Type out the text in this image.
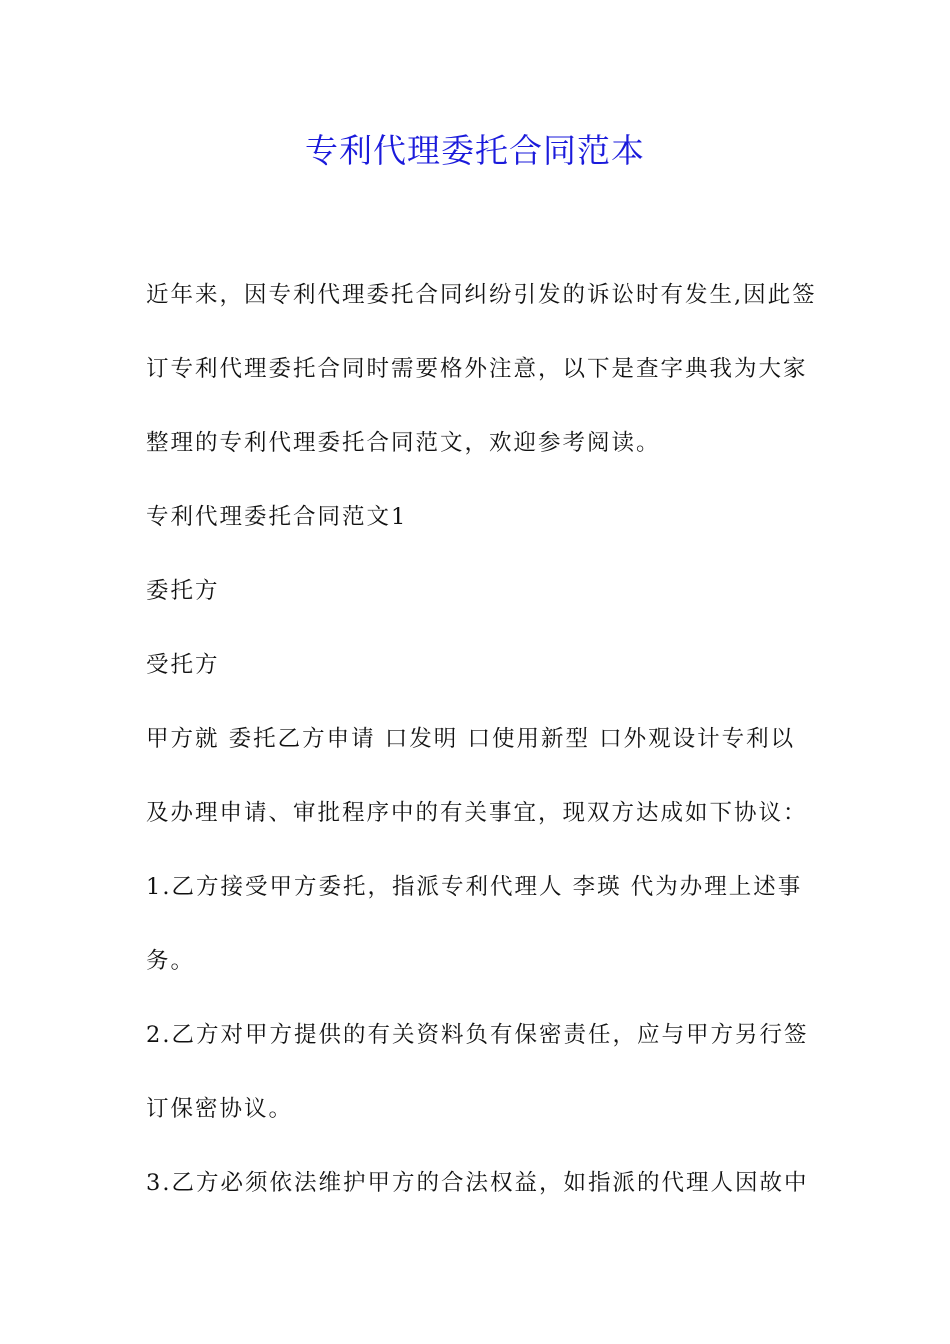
专利代理委托合同范本

近年来，因专利代理委托合同纠纷引发的诉讼时有发生,因此签

订专利代理委托合同时需要格外注意，以下是查字典我为大家

整理的专利代理委托合同范文，欢迎参考阅读。

专利代理委托合同范文1

委托方

受托方

甲方就 委托乙方申请 口发明 口使用新型 口外观设计专利以

及办理申请、审批程序中的有关事宜，现双方达成如下协议：

1.乙方接受甲方委托，指派专利代理人 李瑛 代为办理上述事

务。

2.乙方对甲方提供的有关资料负有保密责任，应与甲方另行签

订保密协议。

3.乙方必须依法维护甲方的合法权益，如指派的代理人因故中
